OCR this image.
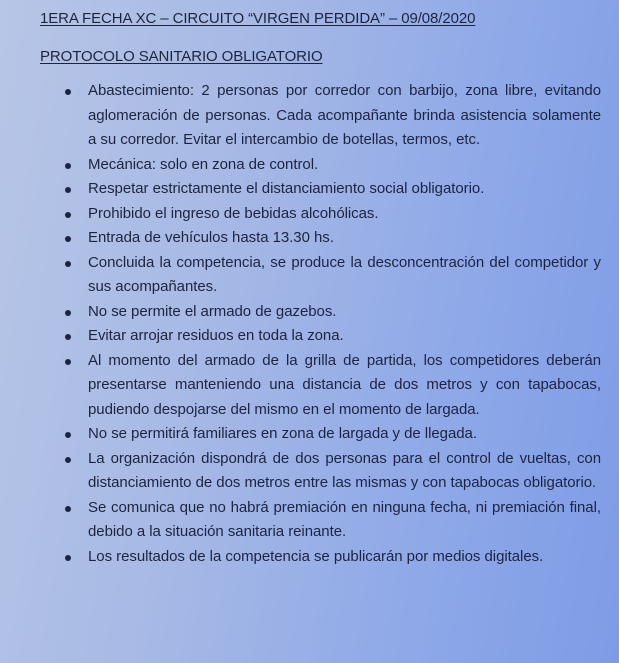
1ERA FECHA XC – CIRCUITO “VIRGEN PERDIDA” – 09/08/2020
PROTOCOLO SANITARIO OBLIGATORIO
Abastecimiento: 2 personas por corredor con barbijo, zona libre, evitando aglomeración de personas. Cada acompañante brinda asistencia solamente a su corredor. Evitar el intercambio de botellas, termos, etc.
Mecánica: solo en zona de control.
Respetar estrictamente el distanciamiento social obligatorio.
Prohibido el ingreso de bebidas alcohólicas.
Entrada de vehículos hasta 13.30 hs.
Concluida la competencia, se produce la desconcentración del competidor y sus acompañantes.
No se permite el armado de gazebos.
Evitar arrojar residuos en toda la zona.
Al momento del armado de la grilla de partida, los competidores deberán presentarse manteniendo una distancia de dos metros y con tapabocas, pudiendo despojarse del mismo en el momento de largada.
No se permitirá familiares en zona de largada y de llegada.
La organización dispondrá de dos personas para el control de vueltas, con distanciamiento de dos metros entre las mismas y con tapabocas obligatorio.
Se comunica que no habrá premiación en ninguna fecha, ni premiación final, debido a la situación sanitaria reinante.
Los resultados de la competencia se publicarán por medios digitales.
